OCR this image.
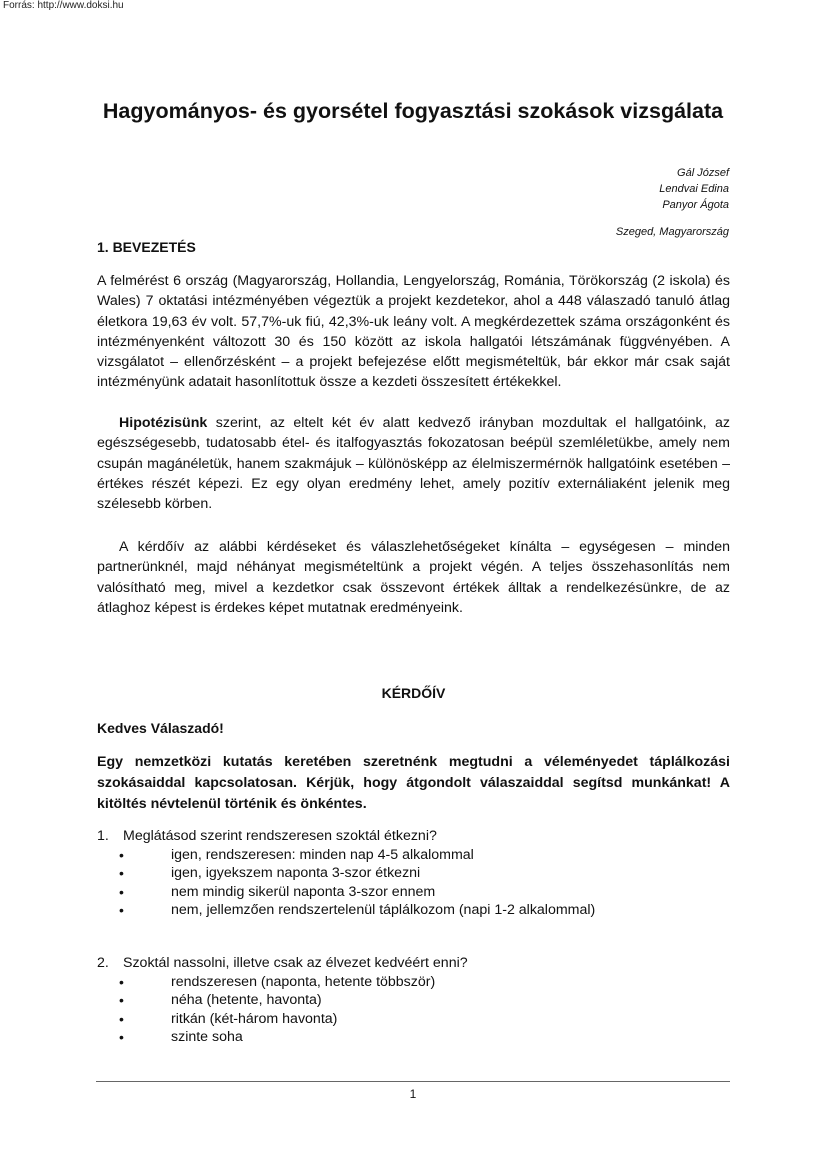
Forrás: http://www.doksi.hu
Hagyományos- és gyorsétel fogyasztási szokások vizsgálata
Gál József
Lendvai Edina
Panyor Ágota
Szeged, Magyarország
1. BEVEZETÉS

A felmérést 6 ország (Magyarország, Hollandia, Lengyelország, Románia, Törökország (2 iskola) és Wales) 7 oktatási intézményében végeztük a projekt kezdetekor, ahol a 448 válaszadó tanuló átlag életkora 19,63 év volt. 57,7%-uk fiú, 42,3%-uk leány volt. A megkérdezettek száma országonként és intézményenként változott 30 és 150 között az iskola hallgatói létszámának függvényében. A vizsgálatot – ellenőrzésként – a projekt befejezése előtt megismételtük, bár ekkor már csak saját intézményünk adatait hasonlítottuk össze a kezdeti összesített értékekkel.

Hipotézisünk szerint, az eltelt két év alatt kedvező irányban mozdultak el hallgatóink, az egészségesebb, tudatosabb étel- és italfogyasztás fokozatosan beépül szemléletükbe, amely nem csupán magánéletük, hanem szakmájuk – különösképp az élelmiszermérnök hallgatóink esetében – értékes részét képezi. Ez egy olyan eredmény lehet, amely pozitív externáliaként jelenik meg szélesebb körben.

A kérdőív az alábbi kérdéseket és válaszlehetőségeket kínálta – egységesen – minden partnerünknél, majd néhányat megismételtünk a projekt végén. A teljes összehasonlítás nem valósítható meg, mivel a kezdetkor csak összevont értékek álltak a rendelkezésünkre, de az átlaghoz képest is érdekes képet mutatnak eredményeink.

KÉRDŐÍV
Kedves Válaszadó!

Egy nemzetközi kutatás keretében szeretnénk megtudni a véleményedet táplálkozási szokásaiddal kapcsolatosan. Kérjük, hogy átgondolt válaszaiddal segítsd munkánkat! A kitöltés névtelenül történik és önkéntes.

1. Meglátásod szerint rendszeresen szoktál étkezni?
•	igen, rendszeresen: minden nap 4-5 alkalommal
•	igen, igyekszem naponta 3-szor étkezni
•	nem mindig sikerül naponta 3-szor ennem
•	nem, jellemzően rendszertelenül táplálkozom (napi 1-2 alkalommal)
2. Szoktál nassolni, illetve csak az élvezet kedvéért enni?
•	rendszeresen (naponta, hetente többször)
•	néha (hetente, havonta)
•	ritkán (két-három havonta)
•	szinte soha
1
